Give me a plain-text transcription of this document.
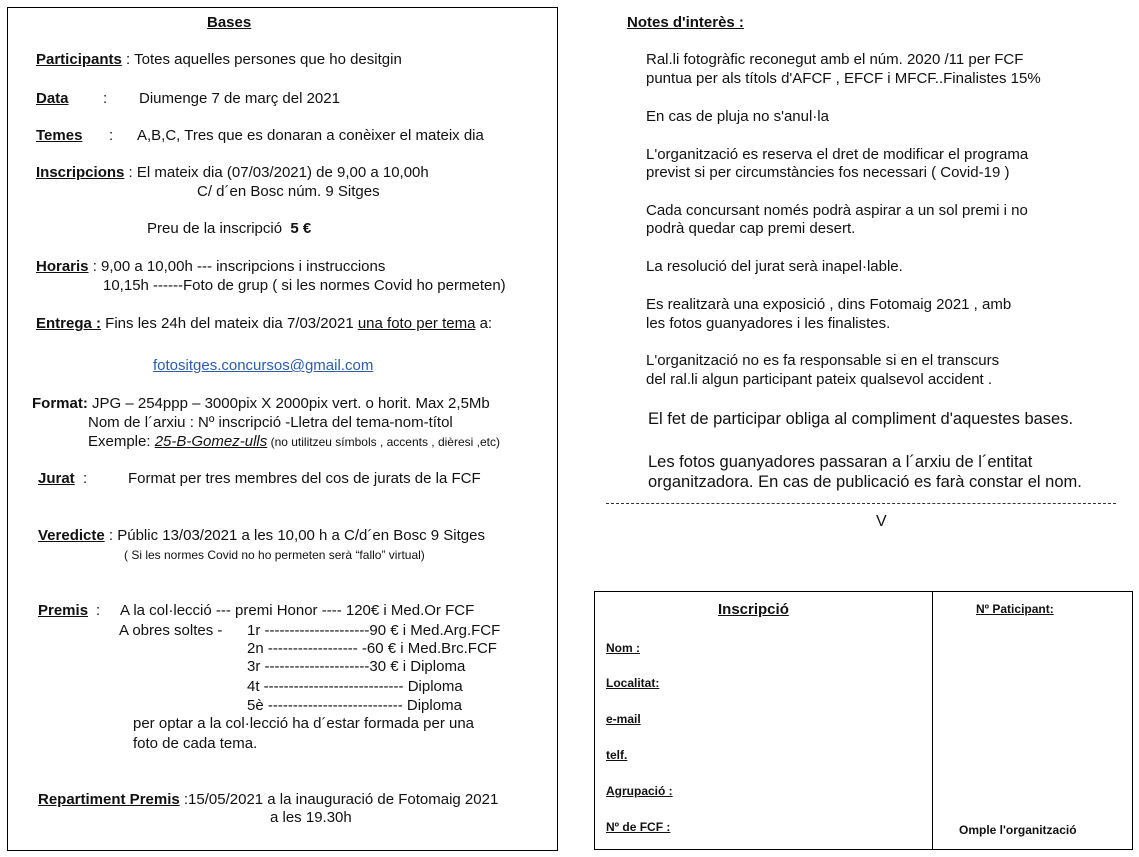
Bases
Participants : Totes aquelles persones que ho desitgin
Data : Diumenge 7 de març del 2021
Temes : A,B,C, Tres que es donaran a conèixer el mateix dia
Inscripcions : El mateix dia (07/03/2021) de 9,00 a 10,00h
C/ d´en Bosc núm. 9 Sitges
Preu de la inscripció 5 €
Horaris : 9,00 a 10,00h --- inscripcions i instruccions
10,15h ------Foto de grup ( si les normes Covid ho permeten)
Entrega : Fins les 24h del mateix dia 7/03/2021 una foto per tema a:
fotositges.concursos@gmail.com
Format: JPG – 254ppp – 3000pix X 2000pix vert. o horit. Max 2,5Mb
Nom de l´arxiu : Nº inscripció -Lletra del tema-nom-títol
Exemple: 25-B-Gomez-ulls (no utilitzeu símbols , accents , dièresi ,etc)
Jurat :	Format per tres membres del cos de jurats de la FCF
Veredicte : Públic 13/03/2021 a les 10,00 h a C/d´en Bosc 9 Sitges
( Si les normes Covid no ho permeten serà “fallo” virtual)
Premis : A la col·lecció --- premi Honor ---- 120€ i Med.Or FCF
A obres soltes - 1r ---------------------90 € i Med.Arg.FCF
2n ------------------ -60 € i Med.Brc.FCF
3r ---------------------30 € i Diploma
4t ---------------------------- Diploma
5è --------------------------- Diploma
per optar a la col·lecció ha d´estar formada per una
foto de cada tema.
Repartiment Premis :15/05/2021 a la inauguració de Fotomaig 2021
a les 19.30h
Notes d'interès :
Ral.li fotogràfic reconegut amb el núm. 2020 /11 per FCF
puntua per als títols d'AFCF , EFCF i MFCF..Finalistes 15%
En cas de pluja no s'anul·la
L'organització es reserva el dret de modificar el programa
previst si per circumstàncies fos necessari ( Covid-19 )
Cada concursant només podrà aspirar a un sol premi i no
podrà quedar cap premi desert.
La resolució del jurat serà inapel·lable.
Es realitzarà una exposició , dins Fotomaig 2021 , amb
les fotos guanyadores i les finalistes.
L'organització no es fa responsable si en el transcurs
del ral.li algun participant pateix qualsevol accident .
El fet de participar obliga al compliment d'aquestes bases.
Les fotos guanyadores passaran a l´arxiu de l´entitat
organitzadora. En cas de publicació es farà constar el nom.
V
Inscripció
Nom :
Localitat:
e-mail
telf.
Agrupació :
Nº de FCF :
Nº Paticipant:
Omple l'organització
